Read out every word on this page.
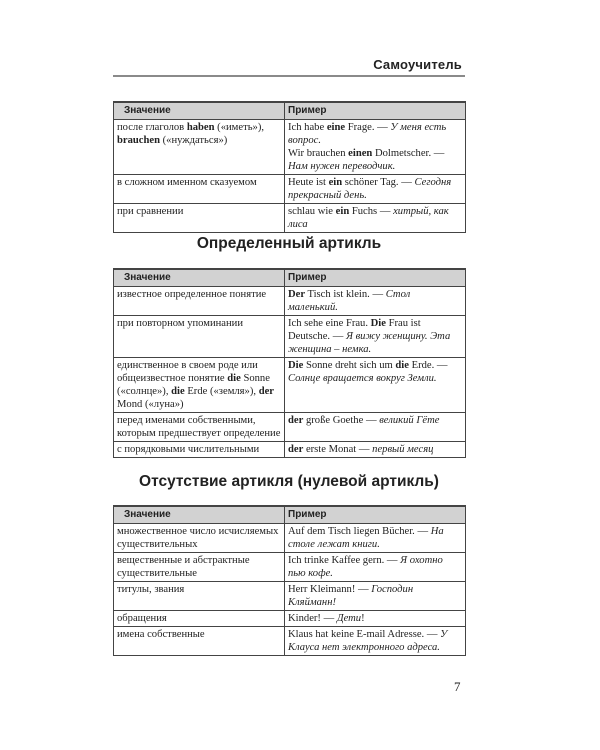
Самоучитель
Значение	Пример
после глаголов haben («иметь»), brauchen («нуждаться»)	Ich habe eine Frage. — У меня есть вопрос.
Wir brauchen einen Dolmetscher. — Нам нужен переводчик.
в сложном именном сказуемом	Heute ist ein schöner Tag. — Сегодня прекрасный день.
при сравнении	schlau wie ein Fuchs — хитрый, как лиса
Определенный артикль
Значение	Пример
известное определенное понятие	Der Tisch ist klein. — Стол маленький.
при повторном упоминании	Ich sehe eine Frau. Die Frau ist Deutsche. — Я вижу женщину. Эта женщина – немка.
единственное в своем роде или общеизвестное понятие die Sonne («солнце»), die Erde («земля»), der Mond («луна»)	Die Sonne dreht sich um die Erde. — Солнце вращается вокруг Земли.
перед именами собственными, которым предшествует определение	der große Goethe — великий Гёте
с порядковыми числительными	der erste Monat — первый месяц
Отсутствие артикля (нулевой артикль)
Значение	Пример
множественное число исчисляемых существительных	Auf dem Tisch liegen Bücher. — На столе лежат книги.
вещественные и абстрактные существительные	Ich trinke Kaffee gern. — Я охотно пью кофе.
титулы, звания	Herr Kleimann! — Господин Кляйманн!
обращения	Kinder! — Дети!
имена собственные	Klaus hat keine E-mail Adresse. — У Клауса нет электронного адреса.
7
